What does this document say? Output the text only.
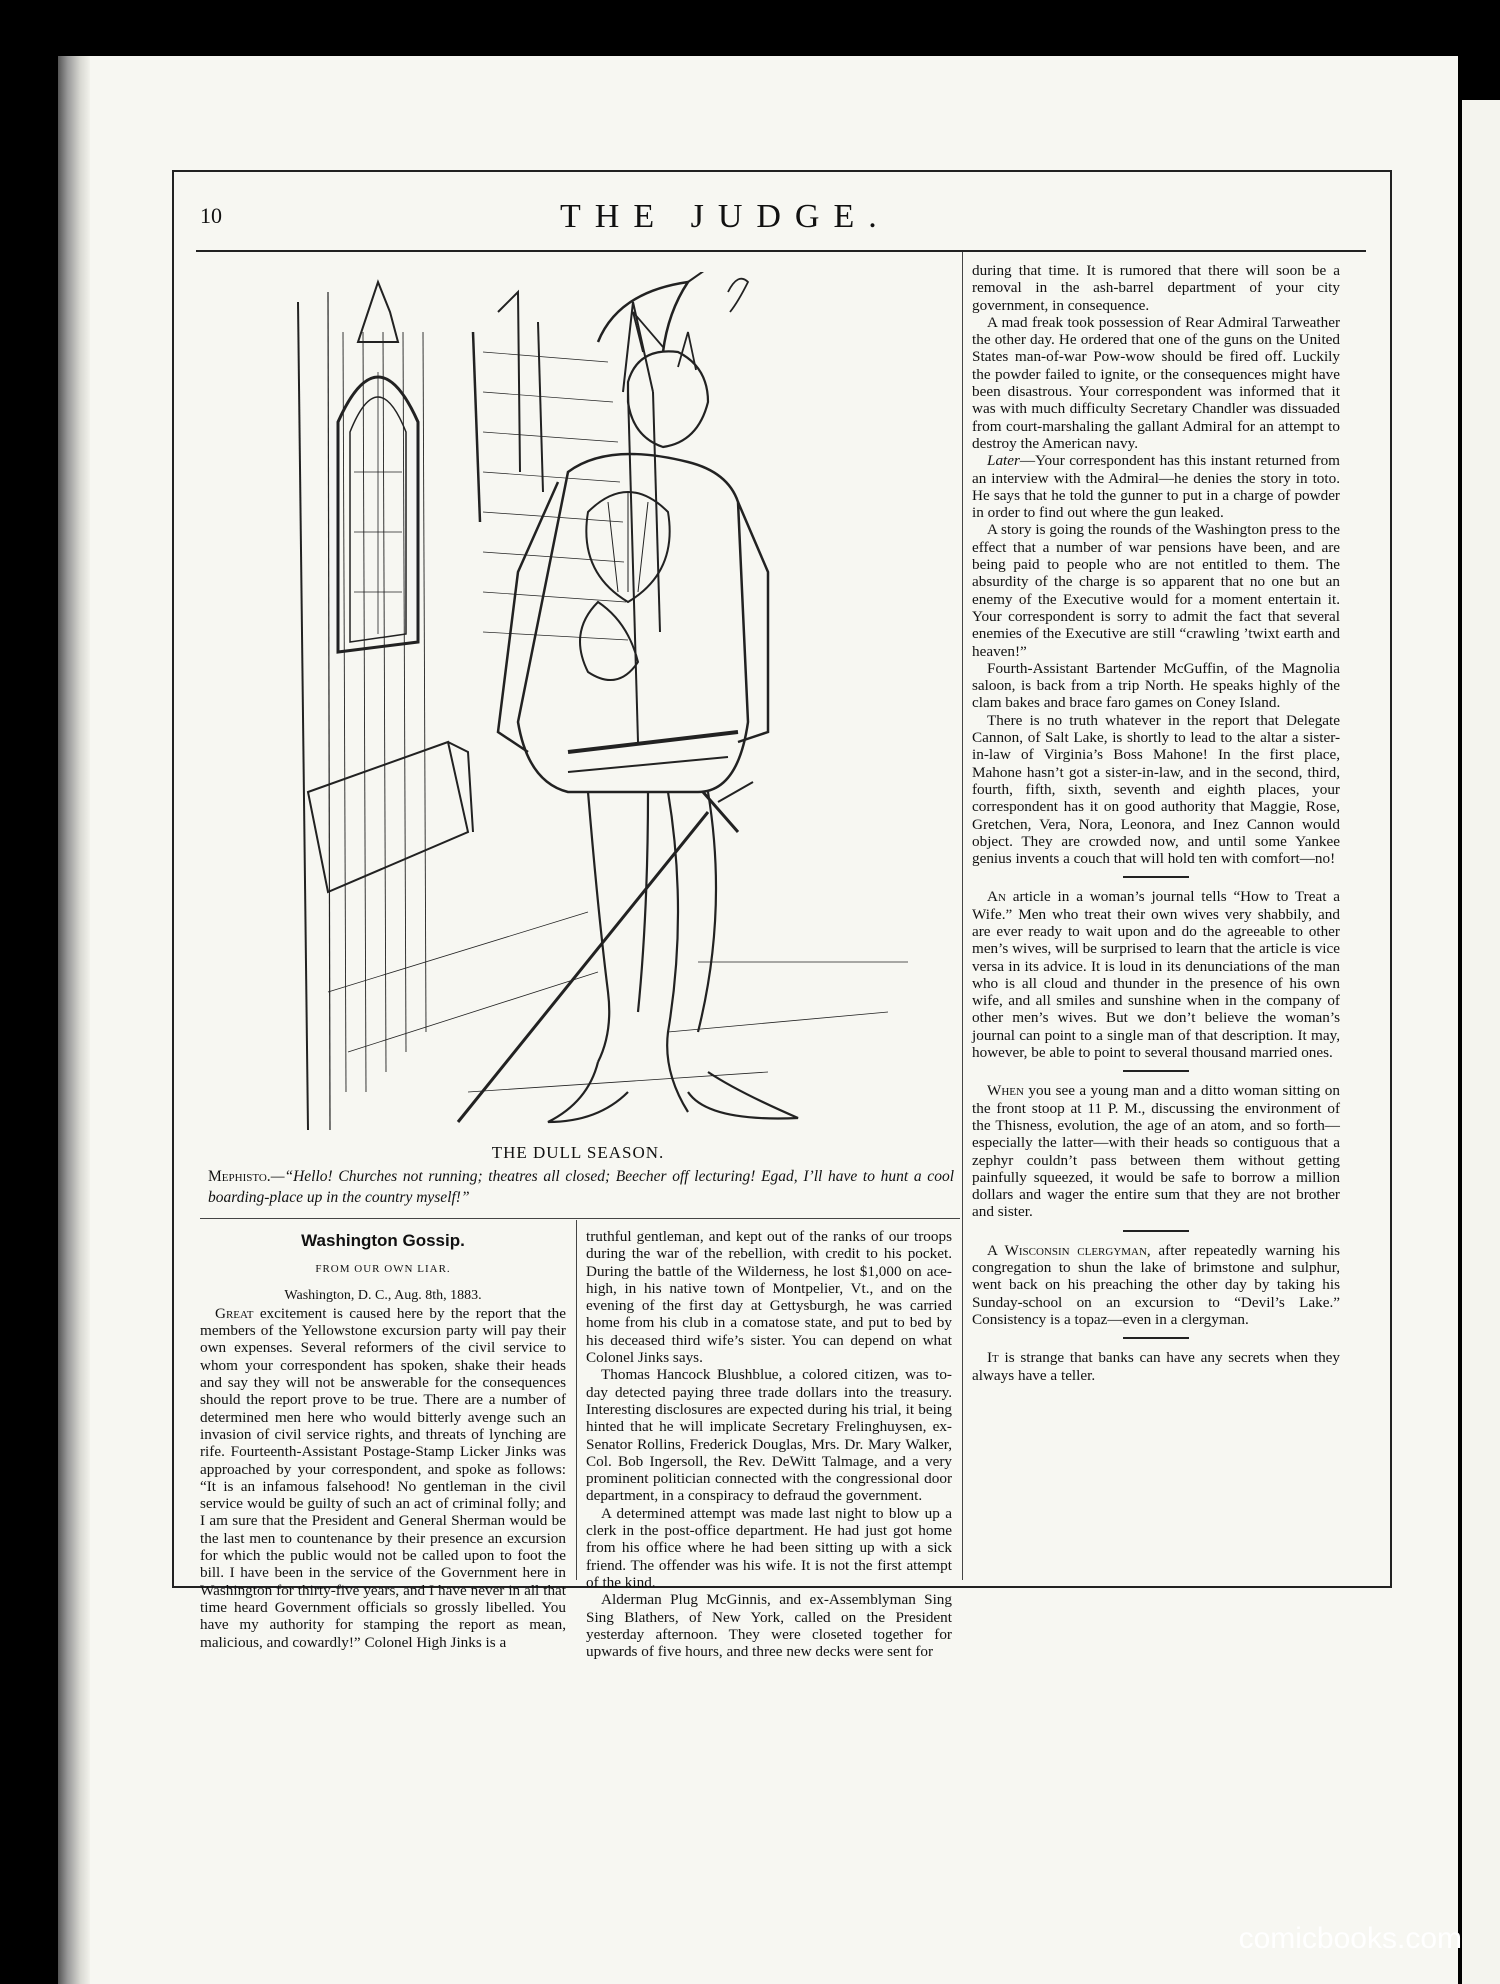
10	THE JUDGE.
THE DULL SEASON.
Mephisto.—“Hello! Churches not running; theatres all closed; Beecher off lecturing! Egad, I’ll have to hunt a cool boarding-place up in the country myself!”
Washington Gossip.
FROM OUR OWN LIAR.
Washington, D. C., Aug. 8th, 1883.

Great excitement is caused here by the report that the members of the Yellowstone excursion party will pay their own expenses. Several reformers of the civil service to whom your correspondent has spoken, shake their heads and say they will not be answerable for the consequences should the report prove to be true. There are a number of determined men here who would bitterly avenge such an invasion of civil service rights, and threats of lynching are rife. Fourteenth-Assistant Postage-Stamp Licker Jinks was approached by your correspondent, and spoke as follows: “It is an infamous falsehood! No gentleman in the civil service would be guilty of such an act of criminal folly; and I am sure that the President and General Sherman would be the last men to countenance by their presence an excursion for which the public would not be called upon to foot the bill. I have been in the service of the Government here in Washington for thirty-five years, and I have never in all that time heard Government officials so grossly libelled. You have my authority for stamping the report as mean, malicious, and cowardly!” Colonel High Jinks is a

truthful gentleman, and kept out of the ranks of our troops during the war of the rebellion, with credit to his pocket. During the battle of the Wilderness, he lost $1,000 on ace-high, in his native town of Montpelier, Vt., and on the evening of the first day at Gettysburgh, he was carried home from his club in a comatose state, and put to bed by his deceased third wife’s sister. You can depend on what Colonel Jinks says.

Thomas Hancock Blushblue, a colored citizen, was to-day detected paying three trade dollars into the treasury. Interesting disclosures are expected during his trial, it being hinted that he will implicate Secretary Frelinghuysen, ex-Senator Rollins, Frederick Douglas, Mrs. Dr. Mary Walker, Col. Bob Ingersoll, the Rev. DeWitt Talmage, and a very prominent politician connected with the congressional door department, in a conspiracy to defraud the government.

A determined attempt was made last night to blow up a clerk in the post-office department. He had just got home from his office where he had been sitting up with a sick friend. The offender was his wife. It is not the first attempt of the kind.

Alderman Plug McGinnis, and ex-Assemblyman Sing Sing Blathers, of New York, called on the President yesterday afternoon. They were closeted together for upwards of five hours, and three new decks were sent for

during that time. It is rumored that there will soon be a removal in the ash-barrel department of your city government, in consequence.

A mad freak took possession of Rear Admiral Tarweather the other day. He ordered that one of the guns on the United States man-of-war Pow-wow should be fired off. Luckily the powder failed to ignite, or the consequences might have been disastrous. Your correspondent was informed that it was with much difficulty Secretary Chandler was dissuaded from court-marshaling the gallant Admiral for an attempt to destroy the American navy.

Later—Your correspondent has this instant returned from an interview with the Admiral—he denies the story in toto. He says that he told the gunner to put in a charge of powder in order to find out where the gun leaked.

A story is going the rounds of the Washington press to the effect that a number of war pensions have been, and are being paid to people who are not entitled to them. The absurdity of the charge is so apparent that no one but an enemy of the Executive would for a moment entertain it. Your correspondent is sorry to admit the fact that several enemies of the Executive are still “crawling ’twixt earth and heaven!”

Fourth-Assistant Bartender McGuffin, of the Magnolia saloon, is back from a trip North. He speaks highly of the clam bakes and brace faro games on Coney Island.

There is no truth whatever in the report that Delegate Cannon, of Salt Lake, is shortly to lead to the altar a sister-in-law of Virginia’s Boss Mahone! In the first place, Mahone hasn’t got a sister-in-law, and in the second, third, fourth, fifth, sixth, seventh and eighth places, your correspondent has it on good authority that Maggie, Rose, Gretchen, Vera, Nora, Leonora, and Inez Cannon would object. They are crowded now, and until some Yankee genius invents a couch that will hold ten with comfort—no!

An article in a woman’s journal tells “How to Treat a Wife.” Men who treat their own wives very shabbily, and are ever ready to wait upon and do the agreeable to other men’s wives, will be surprised to learn that the article is vice versa in its advice. It is loud in its denunciations of the man who is all cloud and thunder in the presence of his own wife, and all smiles and sunshine when in the company of other men’s wives. But we don’t believe the woman’s journal can point to a single man of that description. It may, however, be able to point to several thousand married ones.

When you see a young man and a ditto woman sitting on the front stoop at 11 P. M., discussing the environment of the Thisness, evolution, the age of an atom, and so forth—especially the latter—with their heads so contiguous that a zephyr couldn’t pass between them without getting painfully squeezed, it would be safe to borrow a million dollars and wager the entire sum that they are not brother and sister.

A Wisconsin clergyman, after repeatedly warning his congregation to shun the lake of brimstone and sulphur, went back on his preaching the other day by taking his Sunday-school on an excursion to “Devil’s Lake.” Consistency is a topaz—even in a clergyman.

It is strange that banks can have any secrets when they always have a teller.

comicbooks.com
